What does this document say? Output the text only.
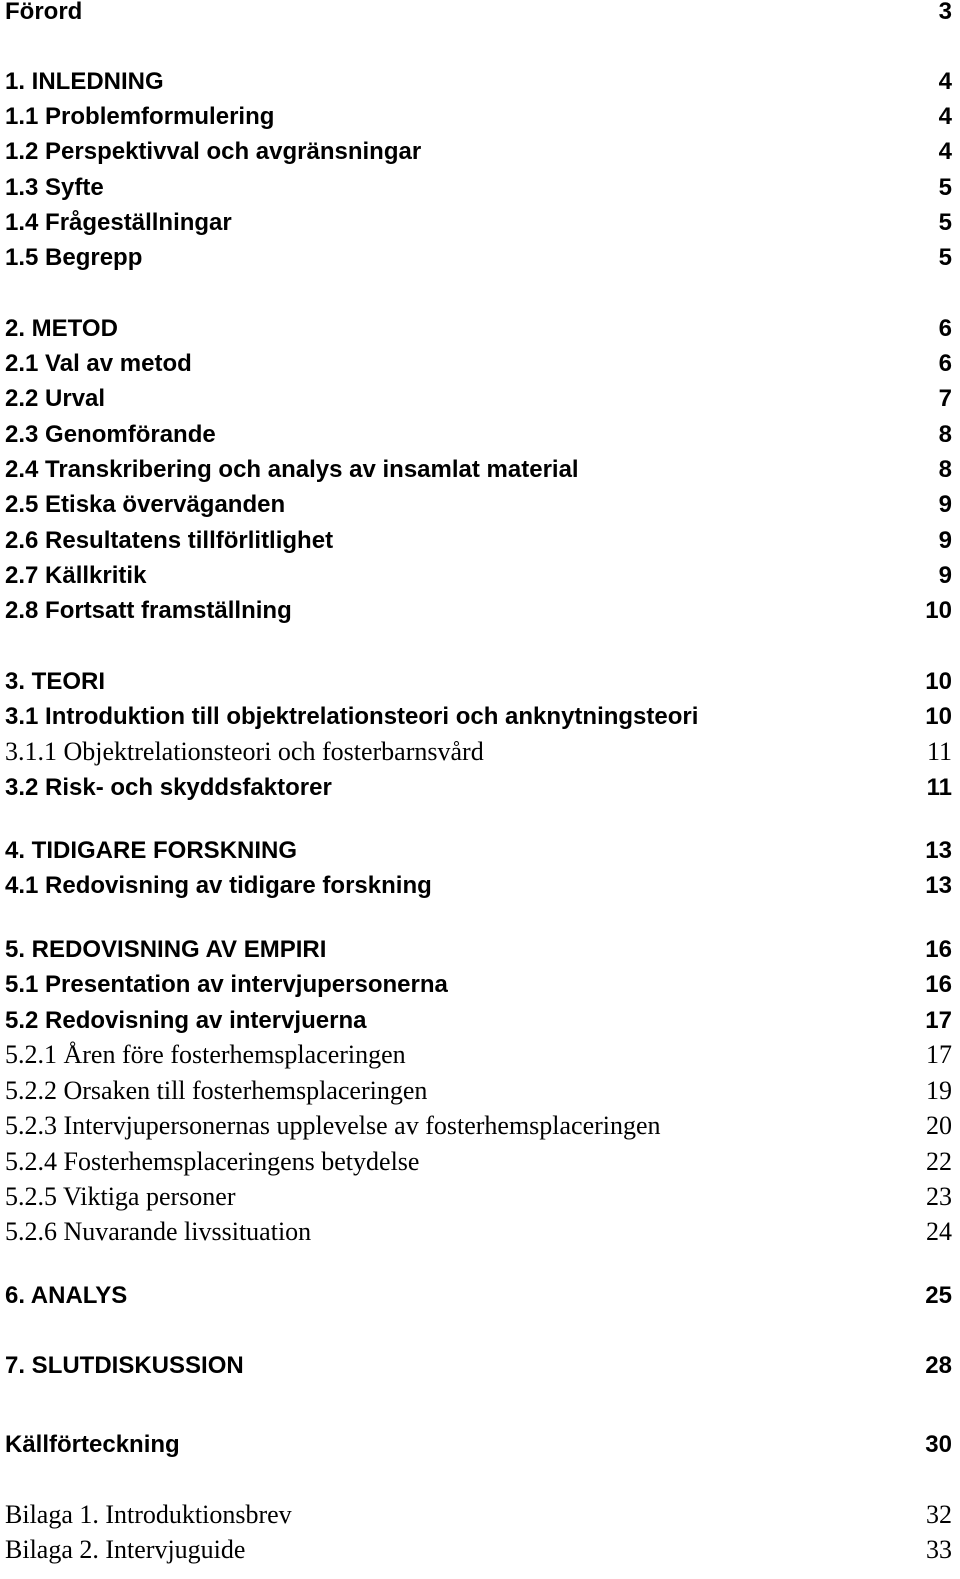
Förord	3
1. INLEDNING	4
1.1 Problemformulering	4
1.2 Perspektivval och avgränsningar	4
1.3 Syfte	5
1.4 Frågeställningar	5
1.5 Begrepp	5
2. METOD	6
2.1 Val av metod	6
2.2 Urval	7
2.3 Genomförande	8
2.4 Transkribering och analys av insamlat material	8
2.5 Etiska överväganden	9
2.6 Resultatens tillförlitlighet	9
2.7 Källkritik	9
2.8 Fortsatt framställning	10
3. TEORI	10
3.1 Introduktion till objektrelationsteori och anknytningsteori	10
3.1.1 Objektrelationsteori och fosterbarnsvård	11
3.2 Risk- och skyddsfaktorer	11
4. TIDIGARE FORSKNING	13
4.1 Redovisning av tidigare forskning	13
5. REDOVISNING AV EMPIRI	16
5.1 Presentation av intervjupersonerna	16
5.2 Redovisning av intervjuerna	17
5.2.1 Åren före fosterhemsplaceringen	17
5.2.2 Orsaken till fosterhemsplaceringen	19
5.2.3 Intervjupersonernas upplevelse av fosterhemsplaceringen	20
5.2.4 Fosterhemsplaceringens betydelse	22
5.2.5 Viktiga personer	23
5.2.6 Nuvarande livssituation	24
6. ANALYS	25
7. SLUTDISKUSSION	28
Källförteckning	30
Bilaga 1. Introduktionsbrev	32
Bilaga 2. Intervjuguide	33
